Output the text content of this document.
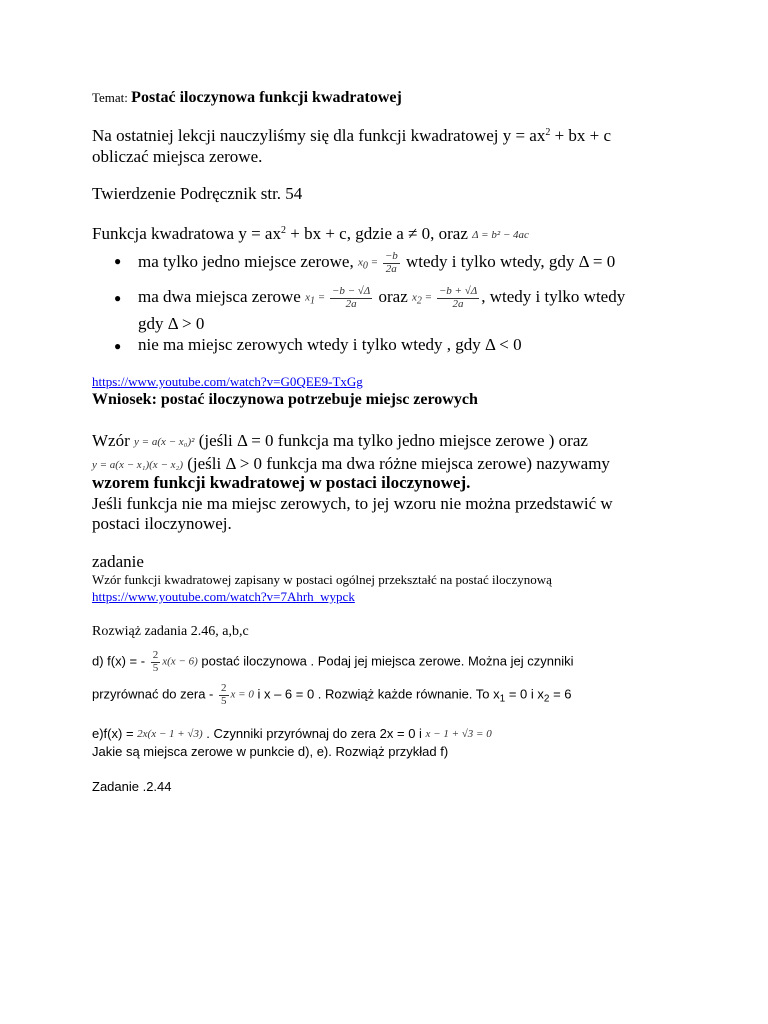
Temat: Postać iloczynowa funkcji kwadratowej
Na ostatniej lekcji nauczyliśmy się dla funkcji kwadratowej $y = ax^2$ + bx + c
obliczać miejsca zerowe.
Twierdzenie Podręcznik str. 54
Funkcja kwadratowa $y = ax^2$ + bx + c, gdzie a ≠ 0, oraz Δ = b² − 4ac
● ma tylko jedno miejsce zerowe, $x_0 = \frac{-b}{2a}$ wtedy i tylko wtedy, gdy Δ = 0
● ma dwa miejsca zerowe $x_1 = \frac{-b - √\Delta}{2a}$ oraz $x_2 = \frac{-b + √\Delta}{2a}$ , wtedy i tylko wtedy
gdy Δ > 0
● nie ma miejsc zerowych wtedy i tylko wtedy , gdy Δ < 0
https://www.youtube.com/watch?v=G0QEE9-TxGg
Wniosek: postać iloczynowa potrzebuje miejsc zerowych
Wzór y = a(x − x₀)² (jeśli Δ = 0 funkcja ma tylko jedno miejsce zerowe ) oraz
y = a(x − x₁)(x − x₂) (jeśli Δ > 0 funkcja ma dwa różne miejsca zerowe) nazywamy
wzorem funkcji kwadratowej w postaci iloczynowej.
Jeśli funkcja nie ma miejsc zerowych, to jej wzoru nie można przedstawić w
postaci iloczynowej.
zadanie
Wzór funkcji kwadratowej zapisany w postaci ogólnej przekształć na postać iloczynową
https://www.youtube.com/watch?v=7Ahrh_wypck
Rozwiąż zadania 2.46, a,b,c
d) f(x) = - $\frac{2}{5} x(x - 6)$ postać iloczynowa . Podaj jej miejsca zerowe. Można jej czynniki
przyrównać do zera - $\frac{2}{5}$ x = 0 i x – 6 = 0 . Rozwiąż każde równanie. To $x_1 = 0$ i $x_2 = 6$
e)f(x) = 2x(x − 1 + √3) . Czynniki przyrównaj do zera 2x = 0 i x − 1 + √3 = 0
Jakie są miejsca zerowe w punkcie d), e). Rozwiąż przykład f)
Zadanie .2.44
